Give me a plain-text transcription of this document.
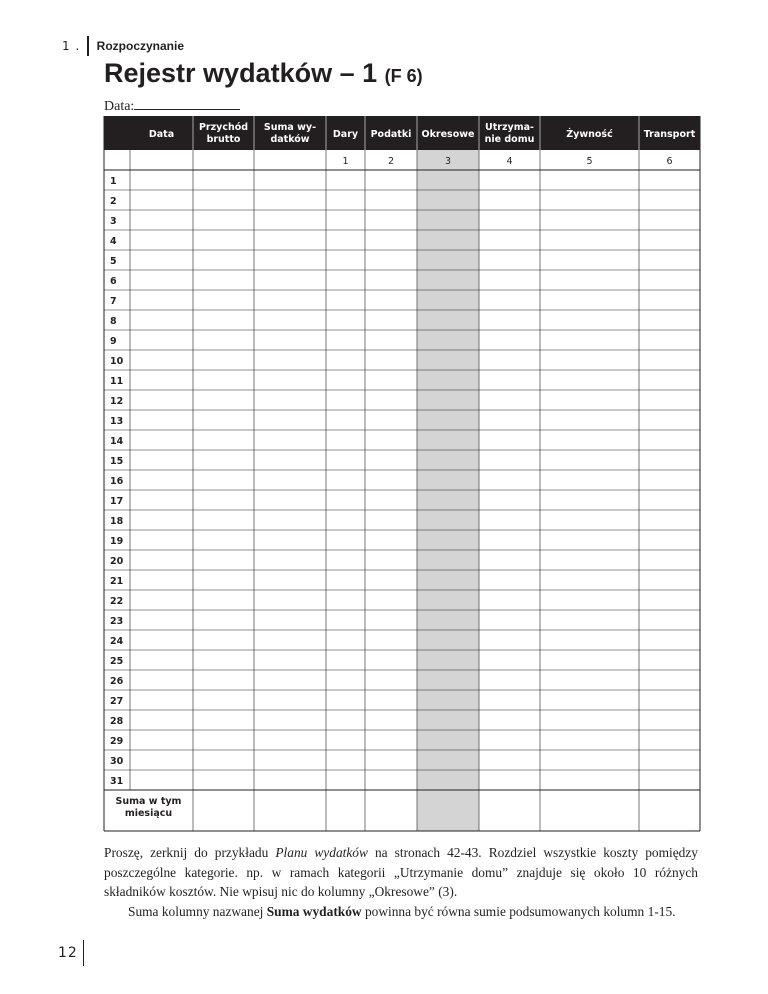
1 . Rozpoczynanie
Rejestr wydatków – 1 (F 6)
Data:
Data
Przychód
brutto
Suma wy-
datków Dary
1
Podatki
2
Okresowe
3
Utrzyma-
nie domu
4
Żywność
5
Transport
6
1
2
3
4
5
6
7
8
9
10
11
12
13
14
15
16
17
18
19
20
21
22
23
24
25
26
27
28
29
30
31
Suma w tym
miesiącu

Proszę, zerknij do przykładu Planu wydatków na stronach 42-43. Rozdziel wszystkie koszty pomiędzy poszczególne kategorie. np. w ramach kategorii „Utrzymanie domu” znajduje się około 10 różnych składników kosztów. Nie wpisuj nic do kolumny „Okresowe” (3).

Suma kolumny nazwanej Suma wydatków powinna być równa sumie podsumowanych kolumn 1-15.

12
